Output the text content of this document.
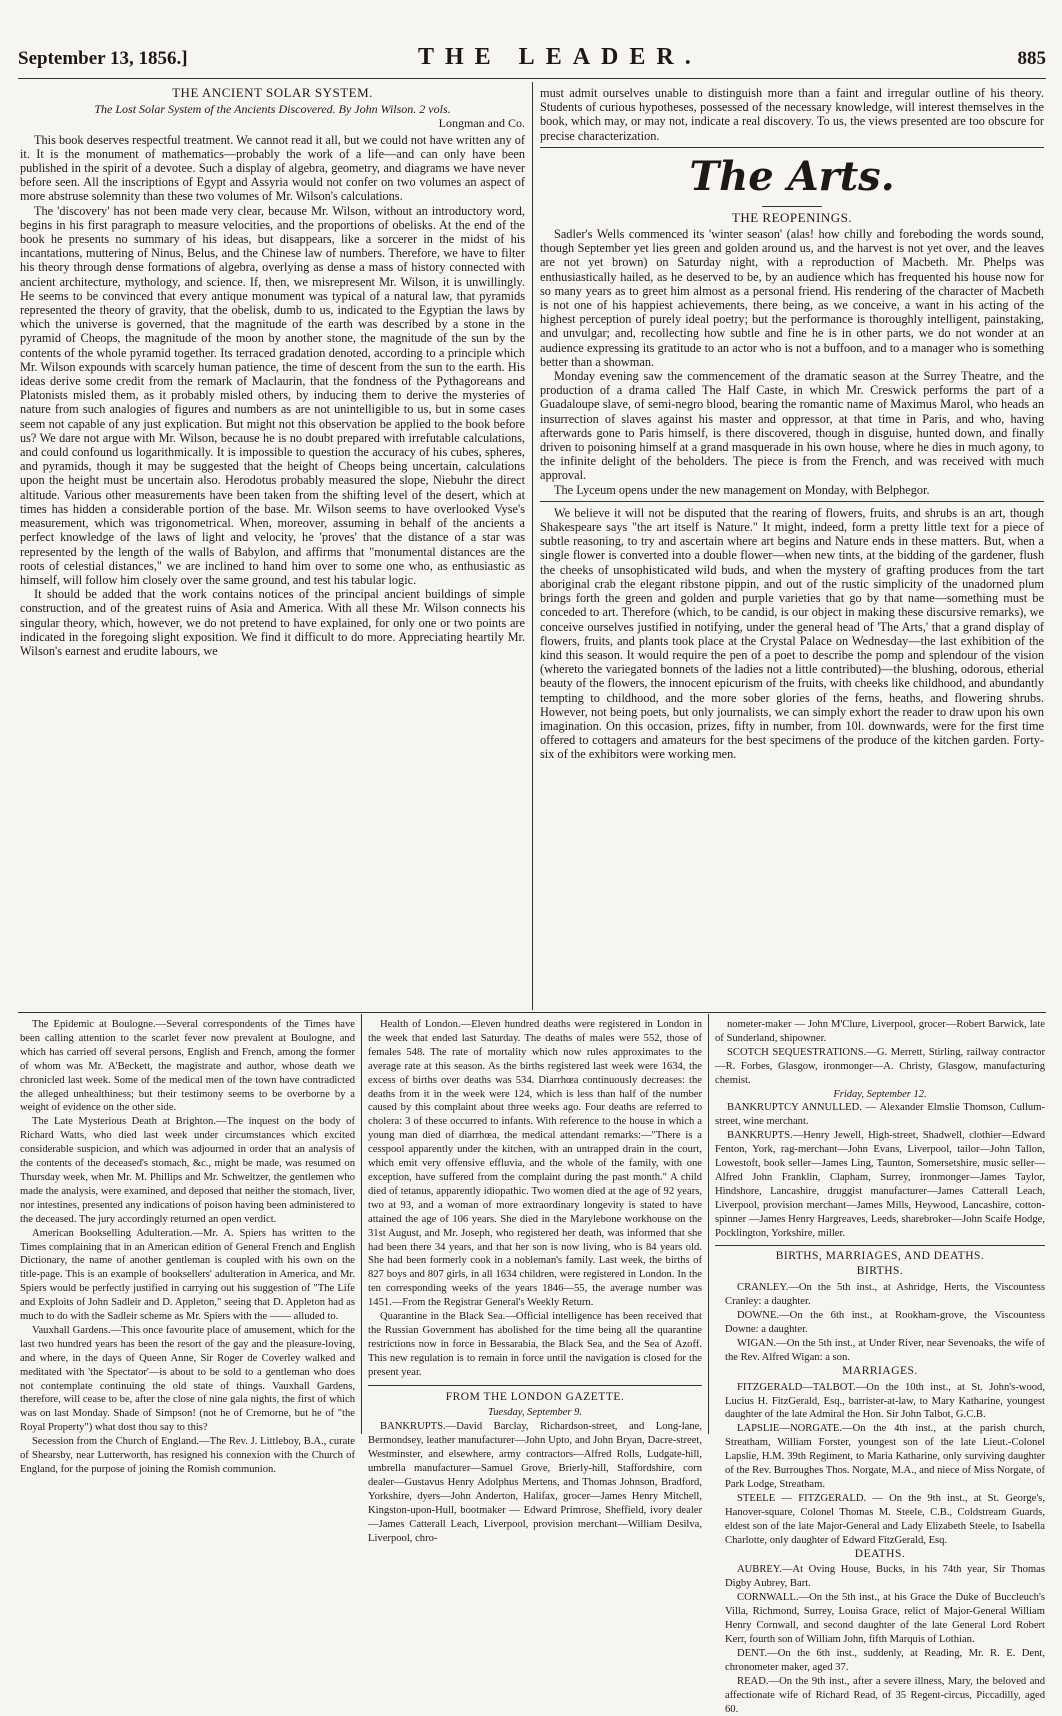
September 13, 1856.]	THE LEADER.	885
THE ANCIENT SOLAR SYSTEM.
The Lost Solar System of the Ancients Discovered. By John Wilson. 2 vols.
Longman and Co.

This book deserves respectful treatment. We cannot read it all, but we could not have written any of it. It is the monument of mathematics—probably the work of a life—and can only have been published in the spirit of a devotee. Such a display of algebra, geometry, and diagrams we have never before seen. All the inscriptions of Egypt and Assyria would not confer on two volumes an aspect of more abstruse solemnity than these two volumes of Mr. Wilson's calculations.

The 'discovery' has not been made very clear, because Mr. Wilson, without an introductory word, begins in his first paragraph to measure velocities, and the proportions of obelisks. At the end of the book he presents no summary of his ideas, but disappears, like a sorcerer in the midst of his incantations, muttering of Ninus, Belus, and the Chinese law of numbers. Therefore, we have to filter his theory through dense formations of algebra, overlying as dense a mass of history connected with ancient architecture, mythology, and science. If, then, we misrepresent Mr. Wilson, it is unwillingly. He seems to be convinced that every antique monument was typical of a natural law, that pyramids represented the theory of gravity, that the obelisk, dumb to us, indicated to the Egyptian the laws by which the universe is governed, that the magnitude of the earth was described by a stone in the pyramid of Cheops, the magnitude of the moon by another stone, the magnitude of the sun by the contents of the whole pyramid together. Its terraced gradation denoted, according to a principle which Mr. Wilson expounds with scarcely human patience, the time of descent from the sun to the earth. His ideas derive some credit from the remark of Maclaurin, that the fondness of the Pythagoreans and Platonists misled them, as it probably misled others, by inducing them to derive the mysteries of nature from such analogies of figures and numbers as are not unintelligible to us, but in some cases seem not capable of any just explication. But might not this observation be applied to the book before us? We dare not argue with Mr. Wilson, because he is no doubt prepared with irrefutable calculations, and could confound us logarithmically. It is impossible to question the accuracy of his cubes, spheres, and pyramids, though it may be suggested that the height of Cheops being uncertain, calculations upon the height must be uncertain also. Herodotus probably measured the slope, Niebuhr the direct altitude. Various other measurements have been taken from the shifting level of the desert, which at times has hidden a considerable portion of the base. Mr. Wilson seems to have overlooked Vyse's measurement, which was trigonometrical. When, moreover, assuming in behalf of the ancients a perfect knowledge of the laws of light and velocity, he 'proves' that the distance of a star was represented by the length of the walls of Babylon, and affirms that "monumental distances are the roots of celestial distances," we are inclined to hand him over to some one who, as enthusiastic as himself, will follow him closely over the same ground, and test his tabular logic.

It should be added that the work contains notices of the principal ancient buildings of simple construction, and of the greatest ruins of Asia and America. With all these Mr. Wilson connects his singular theory, which, however, we do not pretend to have explained, for only one or two points are indicated in the foregoing slight exposition. We find it difficult to do more. Appreciating heartily Mr. Wilson's earnest and erudite labours, we

must admit ourselves unable to distinguish more than a faint and irregular outline of his theory. Students of curious hypotheses, possessed of the necessary knowledge, will interest themselves in the book, which may, or may not, indicate a real discovery. To us, the views presented are too obscure for precise characterization.

The Arts.
THE REOPENINGS.

Sadler's Wells commenced its 'winter season' (alas! how chilly and foreboding the words sound, though September yet lies green and golden around us, and the harvest is not yet over, and the leaves are not yet brown) on Saturday night, with a reproduction of Macbeth. Mr. Phelps was enthusiastically hailed, as he deserved to be, by an audience which has frequented his house now for so many years as to greet him almost as a personal friend. His rendering of the character of Macbeth is not one of his happiest achievements, there being, as we conceive, a want in his acting of the highest perception of purely ideal poetry; but the performance is thoroughly intelligent, painstaking, and unvulgar; and, recollecting how subtle and fine he is in other parts, we do not wonder at an audience expressing its gratitude to an actor who is not a buffoon, and to a manager who is something better than a showman.

Monday evening saw the commencement of the dramatic season at the Surrey Theatre, and the production of a drama called The Half Caste, in which Mr. Creswick performs the part of a Guadaloupe slave, of semi-negro blood, bearing the romantic name of Maximus Marol, who heads an insurrection of slaves against his master and oppressor, at that time in Paris, and who, having afterwards gone to Paris himself, is there discovered, though in disguise, hunted down, and finally driven to poisoning himself at a grand masquerade in his own house, where he dies in much agony, to the infinite delight of the beholders. The piece is from the French, and was received with much approval.

The Lyceum opens under the new management on Monday, with Belphegor.

We believe it will not be disputed that the rearing of flowers, fruits, and shrubs is an art, though Shakespeare says "the art itself is Nature." It might, indeed, form a pretty little text for a piece of subtle reasoning, to try and ascertain where art begins and Nature ends in these matters. But, when a single flower is converted into a double flower—when new tints, at the bidding of the gardener, flush the cheeks of unsophisticated wild buds, and when the mystery of grafting produces from the tart aboriginal crab the elegant ribstone pippin, and out of the rustic simplicity of the unadorned plum brings forth the green and golden and purple varieties that go by that name—something must be conceded to art. Therefore (which, to be candid, is our object in making these discursive remarks), we conceive ourselves justified in notifying, under the general head of 'The Arts,' that a grand display of flowers, fruits, and plants took place at the Crystal Palace on Wednesday—the last exhibition of the kind this season. It would require the pen of a poet to describe the pomp and splendour of the vision (whereto the variegated bonnets of the ladies not a little contributed)—the blushing, odorous, etherial beauty of the flowers, the innocent epicurism of the fruits, with cheeks like childhood, and abundantly tempting to childhood, and the more sober glories of the ferns, heaths, and flowering shrubs. However, not being poets, but only journalists, we can simply exhort the reader to draw upon his own imagination. On this occasion, prizes, fifty in number, from 10l. downwards, were for the first time offered to cottagers and amateurs for the best specimens of the produce of the kitchen garden. Forty-six of the exhibitors were working men.

The Epidemic at Boulogne.—Several correspondents of the Times have been calling attention to the scarlet fever now prevalent at Boulogne, and which has carried off several persons, English and French, among the former of whom was Mr. A'Beckett, the magistrate and author, whose death we chronicled last week. Some of the medical men of the town have contradicted the alleged unhealthiness; but their testimony seems to be overborne by a weight of evidence on the other side.

The Late Mysterious Death at Brighton.—The inquest on the body of Richard Watts, who died last week under circumstances which excited considerable suspicion, and which was adjourned in order that an analysis of the contents of the deceased's stomach, &c., might be made, was resumed on Thursday week, when Mr. M. Phillips and Mr. Schweitzer, the gentlemen who made the analysis, were examined, and deposed that neither the stomach, liver, nor intestines, presented any indications of poison having been administered to the deceased. The jury accordingly returned an open verdict.

American Bookselling Adulteration.—Mr. A. Spiers has written to the Times complaining that in an American edition of General French and English Dictionary, the name of another gentleman is coupled with his own on the title-page. This is an example of booksellers' adulteration in America, and Mr. Spiers would be perfectly justified in carrying out his suggestion of "The Life and Exploits of John Sadleir and D. Appleton," seeing that D. Appleton had as much to do with the Sadleir scheme as Mr. Spiers with the —— alluded to.

Vauxhall Gardens.—This once favourite place of amusement, which for the last two hundred years has been the resort of the gay and the pleasure-loving, and where, in the days of Queen Anne, Sir Roger de Coverley walked and meditated with 'the Spectator'—is about to be sold to a gentleman who does not contemplate continuing the old state of things. Vauxhall Gardens, therefore, will cease to be, after the close of nine gala nights, the first of which was on last Monday. Shade of Simpson! (not he of Cremorne, but he of "the Royal Property") what dost thou say to this?

Secession from the Church of England.—The Rev. J. Littleboy, B.A., curate of Shearsby, near Lutterworth, has resigned his connexion with the Church of England, for the purpose of joining the Romish communion.

Health of London.—Eleven hundred deaths were registered in London in the week that ended last Saturday. The deaths of males were 552, those of females 548. The rate of mortality which now rules approximates to the average rate at this season. As the births registered last week were 1634, the excess of births over deaths was 534. Diarrhœa continuously decreases: the deaths from it in the week were 124, which is less than half of the number caused by this complaint about three weeks ago. Four deaths are referred to cholera: 3 of these occurred to infants. With reference to the house in which a young man died of diarrhœa, the medical attendant remarks:—"There is a cesspool apparently under the kitchen, with an untrapped drain in the court, which emit very offensive effluvia, and the whole of the family, with one exception, have suffered from the complaint during the past month." A child died of tetanus, apparently idiopathic. Two women died at the age of 92 years, two at 93, and a woman of more extraordinary longevity is stated to have attained the age of 106 years. She died in the Marylebone workhouse on the 31st August, and Mr. Joseph, who registered her death, was informed that she had been there 34 years, and that her son is now living, who is 84 years old. She had been formerly cook in a nobleman's family. Last week, the births of 827 boys and 807 girls, in all 1634 children, were registered in London. In the ten corresponding weeks of the years 1846—55, the average number was 1451.—From the Registrar General's Weekly Return.

Quarantine in the Black Sea.—Official intelligence has been received that the Russian Government has abolished for the time being all the quarantine restrictions now in force in Bessarabia, the Black Sea, and the Sea of Azoff. This new regulation is to remain in force until the navigation is closed for the present year.

FROM THE LONDON GAZETTE.
Tuesday, September 9.

BANKRUPTS.—David Barclay, Richardson-street, and Long-lane, Bermondsey, leather manufacturer—John Upto, and John Bryan, Dacre-street, Westminster, and elsewhere, army contractors—Alfred Rolls, Ludgate-hill, umbrella manufacturer—Samuel Grove, Brierly-hill, Staffordshire, corn dealer—Gustavus Henry Adolphus Mertens, and Thomas Johnson, Bradford, Yorkshire, dyers—John Anderton, Halifax, grocer—James Henry Mitchell, Kingston-upon-Hull, bootmaker — Edward Primrose, Sheffield, ivory dealer—James Catterall Leach, Liverpool, provision merchant—William Desilva, Liverpool, chro-

nometer-maker — John M'Clure, Liverpool, grocer—Robert Barwick, late of Sunderland, shipowner.

SCOTCH SEQUESTRATIONS.—G. Merrett, Stirling, railway contractor—R. Forbes, Glasgow, ironmonger—A. Christy, Glasgow, manufacturing chemist.

Friday, September 12.

BANKRUPTCY ANNULLED. — Alexander Elmslie Thomson, Cullum-street, wine merchant.

BANKRUPTS.—Henry Jewell, High-street, Shadwell, clothier—Edward Fenton, York, rag-merchant—John Evans, Liverpool, tailor—John Tallon, Lowestoft, book seller—James Ling, Taunton, Somersetshire, music seller—Alfred John Franklin, Clapham, Surrey, ironmonger—James Taylor, Hindshore, Lancashire, druggist manufacturer—James Catterall Leach, Liverpool, provision merchant—James Mills, Heywood, Lancashire, cotton-spinner —James Henry Hargreaves, Leeds, sharebroker—John Scaife Hodge, Pocklington, Yorkshire, miller.

BIRTHS, MARRIAGES, AND DEATHS.
BIRTHS.

CRANLEY.—On the 5th inst., at Ashridge, Herts, the Viscountess Cranley: a daughter.

DOWNE.—On the 6th inst., at Rookham-grove, the Viscountess Downe: a daughter.

WIGAN.—On the 5th inst., at Under River, near Sevenoaks, the wife of the Rev. Alfred Wigan: a son.

MARRIAGES.

FITZGERALD—TALBOT.—On the 10th inst., at St. John's-wood, Lucius H. FitzGerald, Esq., barrister-at-law, to Mary Katharine, youngest daughter of the late Admiral the Hon. Sir John Talbot, G.C.B.

LAPSLIE—NORGATE.—On the 4th inst., at the parish church, Streatham, William Forster, youngest son of the late Lieut.-Colonel Lapslie, H.M. 39th Regiment, to Maria Katharine, only surviving daughter of the Rev. Burroughes Thos. Norgate, M.A., and niece of Miss Norgate, of Park Lodge, Streatham.

STEELE — FITZGERALD. — On the 9th inst., at St. George's, Hanover-square, Colonel Thomas M. Steele, C.B., Coldstream Guards, eldest son of the late Major-General and Lady Elizabeth Steele, to Isabella Charlotte, only daughter of Edward FitzGerald, Esq.

DEATHS.

AUBREY.—At Oving House, Bucks, in his 74th year, Sir Thomas Digby Aubrey, Bart.

CORNWALL.—On the 5th inst., at his Grace the Duke of Buccleuch's Villa, Richmond, Surrey, Louisa Grace, relict of Major-General William Henry Cornwall, and second daughter of the late General Lord Robert Kerr, fourth son of William John, fifth Marquis of Lothian.

DENT.—On the 6th inst., suddenly, at Reading, Mr. R. E. Dent, chronometer maker, aged 37.

READ.—On the 9th inst., after a severe illness, Mary, the beloved and affectionate wife of Richard Read, of 35 Regent-circus, Piccadilly, aged 60.
